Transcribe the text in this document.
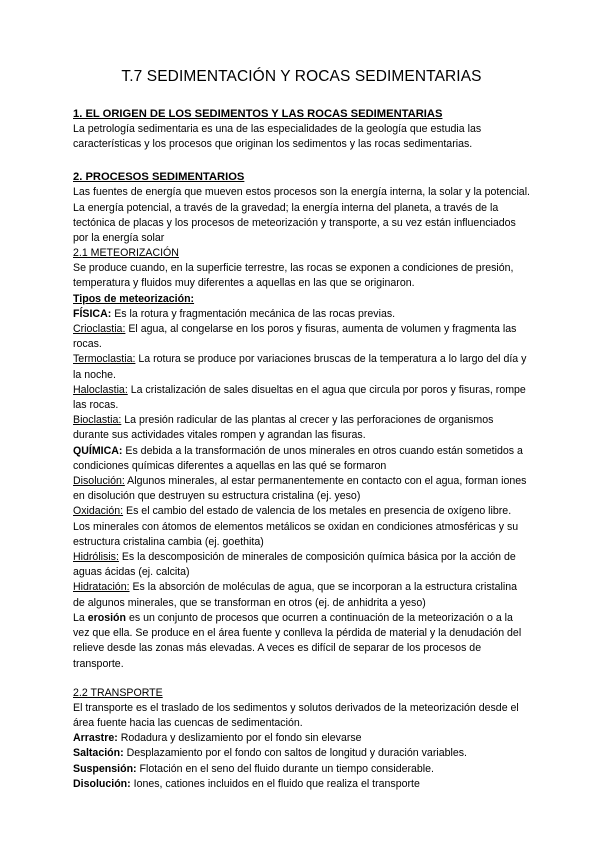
T.7 SEDIMENTACIÓN Y ROCAS SEDIMENTARIAS
1. EL ORIGEN DE LOS SEDIMENTOS Y LAS ROCAS SEDIMENTARIAS

La petrología sedimentaria es una de las especialidades de la geología que estudia las características y los procesos que originan los sedimentos y las rocas sedimentarias.

2. PROCESOS SEDIMENTARIOS

Las fuentes de energía que mueven estos procesos son la energía interna, la solar y la potencial. La energía potencial, a través de la gravedad; la energía interna del planeta, a través de la tectónica de placas y los procesos de meteorización y transporte, a su vez están influenciados por la energía solar

2.1 METEORIZACIÓN

Se produce cuando, en la superficie terrestre, las rocas se exponen a condiciones de presión, temperatura y fluidos muy diferentes a aquellas en las que se originaron.

Tipos de meteorización:

FÍSICA: Es la rotura y fragmentación mecánica de las rocas previas.

Crioclastia: El agua, al congelarse en los poros y fisuras, aumenta de volumen y fragmenta las rocas.

Termoclastia: La rotura se produce por variaciones bruscas de la temperatura a lo largo del día y la noche.

Haloclastia: La cristalización de sales disueltas en el agua que circula por poros y fisuras, rompe las rocas.

Bioclastia: La presión radicular de las plantas al crecer y las perforaciones de organismos durante sus actividades vitales rompen y agrandan las fisuras.

QUÍMICA: Es debida a la transformación de unos minerales en otros cuando están sometidos a condiciones químicas diferentes a aquellas en las qué se formaron

Disolución: Algunos minerales, al estar permanentemente en contacto con el agua, forman iones en disolución que destruyen su estructura cristalina (ej. yeso)

Oxidación: Es el cambio del estado de valencia de los metales en presencia de oxígeno libre. Los minerales con átomos de elementos metálicos se oxidan en condiciones atmosféricas y su estructura cristalina cambia (ej. goethita)

Hidrólisis: Es la descomposición de minerales de composición química básica por la acción de aguas ácidas (ej. calcita)

Hidratación: Es la absorción de moléculas de agua, que se incorporan a la estructura cristalina de algunos minerales, que se transforman en otros (ej. de anhidrita a yeso)

La erosión es un conjunto de procesos que ocurren a continuación de la meteorización o a la vez que ella. Se produce en el área fuente y conlleva la pérdida de material y la denudación del relieve desde las zonas más elevadas. A veces es difícil de separar de los procesos de transporte.

2.2 TRANSPORTE

El transporte es el traslado de los sedimentos y solutos derivados de la meteorización desde el área fuente hacia las cuencas de sedimentación.

Arrastre: Rodadura y deslizamiento por el fondo sin elevarse

Saltación: Desplazamiento por el fondo con saltos de longitud y duración variables.

Suspensión: Flotación en el seno del fluido durante un tiempo considerable.

Disolución: Iones, cationes incluidos en el fluido que realiza el transporte
